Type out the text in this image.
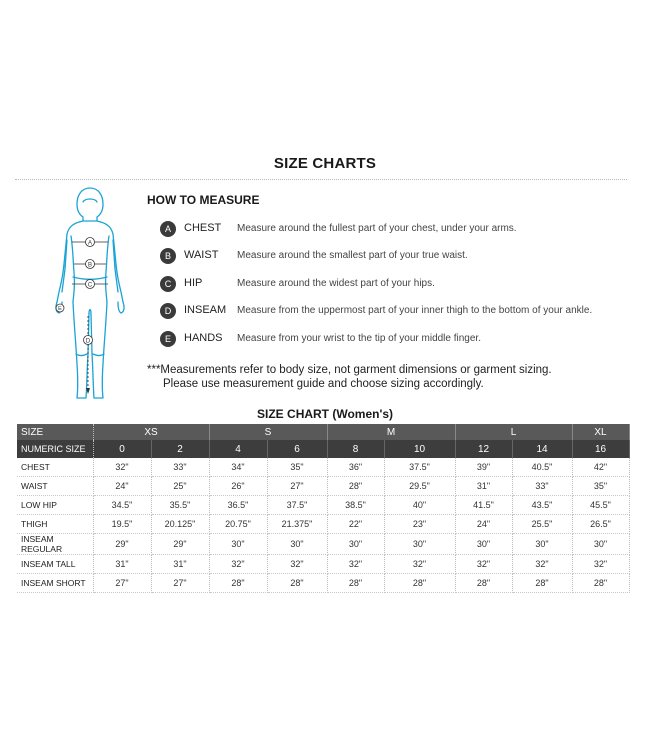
SIZE CHARTS
A
B
C
D
E
HOW TO MEASURE
A	CHEST Measure around the fullest part of your chest, under your arms.
B	WAIST Measure around the smallest part of your true waist.
C	HIP	Measure around the widest part of your hips.
D	INSEAM Measure from the uppermost part of your inner thigh to the bottom of your ankle.
E	HANDS Measure from your wrist to the tip of your middle finger.
***Measurements refer to body size, not garment dimensions or garment sizing.
Please use measurement guide and choose sizing accordingly.
SIZE CHART (Women's)
SIZE	XS		S		M		L		XL
NUMERIC SIZE	0	2	4	6	8	10	12	14	16
CHEST	32"	33"	34"	35"	36"	37.5"	39"	40.5"	42"
WAIST	24"	25"	26"	27"	28"	29.5"	31"	33"	35"
LOW HIP	34.5"	35.5"	36.5"	37.5"	38.5"	40"	41.5"	43.5"	45.5"
THIGH	19.5"	20.125"	20.75"	21.375"	22"	23"	24"	25.5"	26.5"
INSEAM REGULAR	29"	29"	30"	30"	30"	30"	30"	30"	30"
INSEAM TALL	31"	31"	32"	32"	32"	32"	32"	32"	32"
INSEAM SHORT	27"	27"	28"	28"	28"	28"	28"	28"	28"
